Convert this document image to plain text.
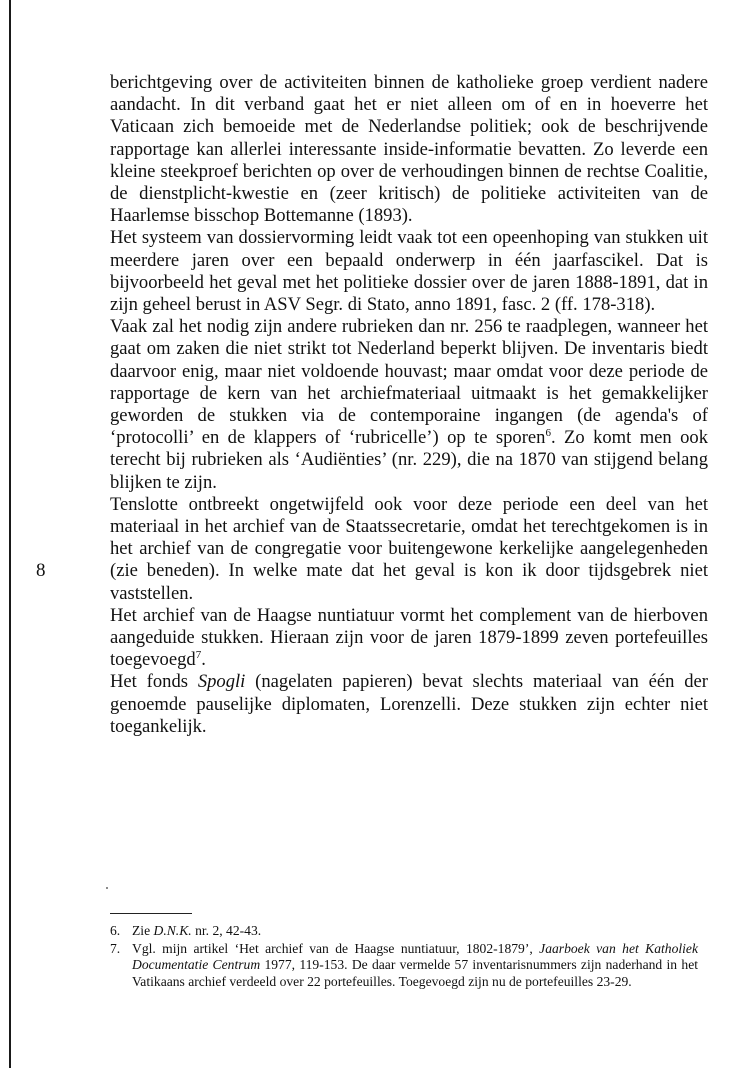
8

berichtgeving over de activiteiten binnen de katholieke groep verdient nadere aandacht. In dit verband gaat het er niet alleen om of en in hoeverre het Vaticaan zich bemoeide met de Nederlandse politiek; ook de beschrijvende rapportage kan allerlei interessante inside-informatie bevatten. Zo leverde een kleine steekproef berichten op over de verhoudingen binnen de rechtse Coalitie, de dienstplicht-kwestie en (zeer kritisch) de politieke activiteiten van de Haarlemse bisschop Bottemanne (1893).

Het systeem van dossiervorming leidt vaak tot een opeenhoping van stukken uit meerdere jaren over een bepaald onderwerp in één jaarfascikel. Dat is bijvoorbeeld het geval met het politieke dossier over de jaren 1888-1891, dat in zijn geheel berust in ASV Segr. di Stato, anno 1891, fasc. 2 (ff. 178-318).

Vaak zal het nodig zijn andere rubrieken dan nr. 256 te raadplegen, wanneer het gaat om zaken die niet strikt tot Nederland beperkt blijven. De inventaris biedt daarvoor enig, maar niet voldoende houvast; maar omdat voor deze periode de rapportage de kern van het archiefmateriaal uitmaakt is het gemakkelijker geworden de stukken via de contemporaine ingangen (de agenda's of ‘protocolli’ en de klappers of ‘rubricelle’) op te sporen$^6$. Zo komt men ook terecht bij rubrieken als ‘Audiënties’ (nr. 229), die na 1870 van stijgend belang blijken te zijn.

Tenslotte ontbreekt ongetwijfeld ook voor deze periode een deel van het materiaal in het archief van de Staatssecretarie, omdat het terechtgekomen is in het archief van de congregatie voor buitengewone kerkelijke aangelegenheden (zie beneden). In welke mate dat het geval is kon ik door tijdsgebrek niet vaststellen.

Het archief van de Haagse nuntiatuur vormt het complement van de hierboven aangeduide stukken. Hieraan zijn voor de jaren 1879-1899 zeven portefeuilles toegevoegd$^7$.

Het fonds Spogli (nagelaten papieren) bevat slechts materiaal van één der genoemde pauselijke diplomaten, Lorenzelli. Deze stukken zijn echter niet toegankelijk.

6. Zie D.N.K. nr. 2, 42-43.
7. Vgl. mijn artikel ‘Het archief van de Haagse nuntiatuur, 1802-1879’, Jaarboek van het Katholiek Documentatie Centrum 1977, 119-153. De daar vermelde 57 inventarisnummers zijn naderhand in het Vatikaans archief verdeeld over 22 portefeuilles. Toegevoegd zijn nu de portefeuilles 23-29.
